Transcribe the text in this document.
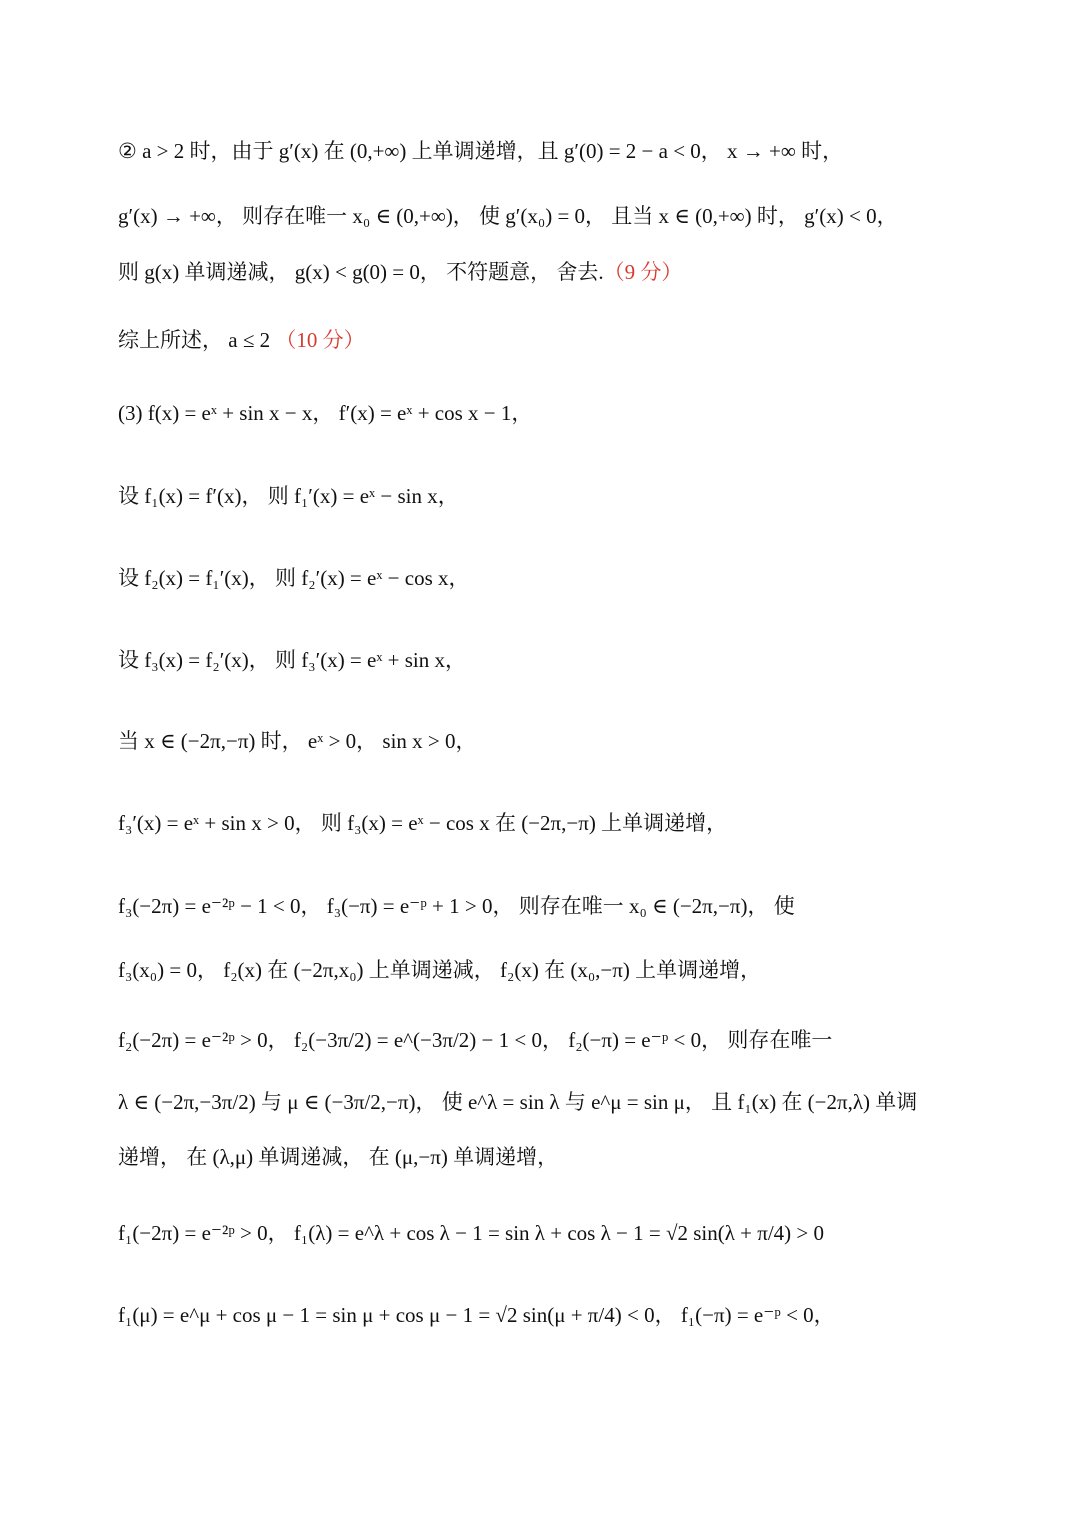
② a > 2 时，由于 g′(x) 在 (0,+∞) 上单调递增，且 g′(0) = 2 − a < 0， x → +∞ 时，
g′(x) → +∞， 则存在唯一 x₀ ∈ (0,+∞)， 使 g′(x₀) = 0， 且当 x ∈ (0,+∞) 时， g′(x) < 0，
则 g(x) 单调递减， g(x) < g(0) = 0， 不符题意， 舍去.（9 分）
综上所述， a ≤ 2 （10 分）
(3) f(x) = eˣ + sin x − x， f′(x) = eˣ + cos x − 1，
设 f₁(x) = f′(x)， 则 f₁′(x) = eˣ − sin x，
设 f₂(x) = f₁′(x)， 则 f₂′(x) = eˣ − cos x，
设 f₃(x) = f₂′(x)， 则 f₃′(x) = eˣ + sin x，
当 x ∈ (−2π,−π) 时， eˣ > 0， sin x > 0，
f₃′(x) = eˣ + sin x > 0， 则 f₃(x) = eˣ − cos x 在 (−2π,−π) 上单调递增，
f₃(−2π) = e⁻²ᵖ − 1 < 0， f₃(−π) = e⁻ᵖ + 1 > 0， 则存在唯一 x₀ ∈ (−2π,−π)， 使
f₃(x₀) = 0， f₂(x) 在 (−2π,x₀) 上单调递减， f₂(x) 在 (x₀,−π) 上单调递增，
f₂(−2π) = e⁻²ᵖ > 0， f₂(−3π/2) = e^(−3π/2) − 1 < 0， f₂(−π) = e⁻ᵖ < 0， 则存在唯一
λ ∈ (−2π,−3π/2) 与 μ ∈ (−3π/2,−π)， 使 e^λ = sin λ 与 e^μ = sin μ， 且 f₁(x) 在 (−2π,λ) 单调
递增， 在 (λ,μ) 单调递减， 在 (μ,−π) 单调递增，
f₁(−2π) = e⁻²ᵖ > 0， f₁(λ) = e^λ + cos λ − 1 = sin λ + cos λ − 1 = √2 sin(λ + π/4) > 0
f₁(μ) = e^μ + cos μ − 1 = sin μ + cos μ − 1 = √2 sin(μ + π/4) < 0， f₁(−π) = e⁻ᵖ < 0，
